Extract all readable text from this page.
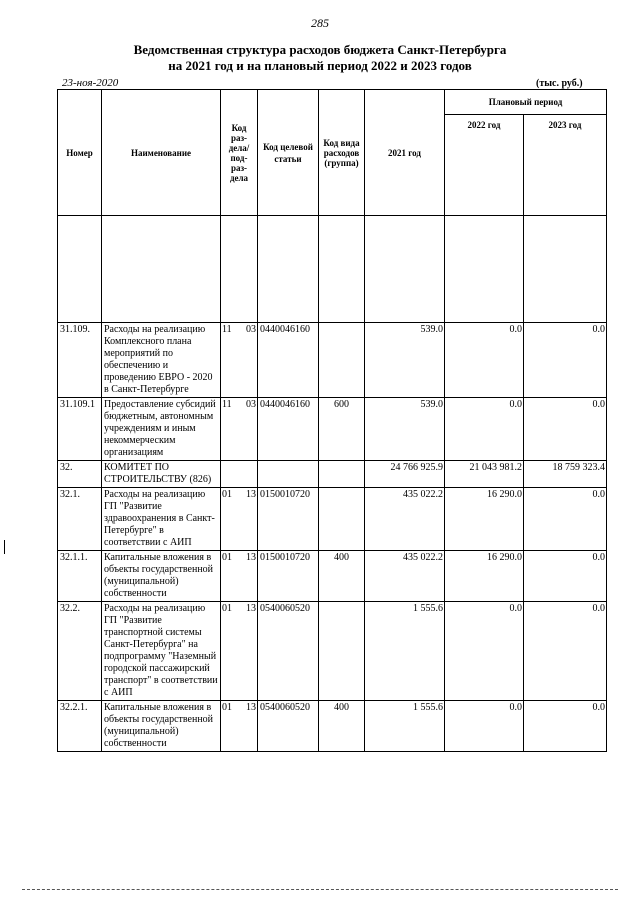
285
Ведомственная структура расходов бюджета Санкт-Петербурга
на 2021 год и на плановый период 2022 и 2023 годов
23-ноя-2020	(тыс. руб.)
Номер	Наименование	Код раз-дела/ под-раз-дела	Код целевой статьи	Код вида расходов (группа)	2021 год	Плановый период	
						2022 год	2023 год

31.109.	Расходы на реализацию Комплексного плана мероприятий по обеспечению и проведению ЕВРО - 2020 в Санкт-Петербурге	11 03	0440046160		539.0	0.0	0.0
31.109.1	Предоставление субсидий бюджетным, автономным учреждениям и иным некоммерческим организациям	11 03	0440046160	600	539.0	0.0	0.0
32.	КОМИТЕТ ПО СТРОИТЕЛЬСТВУ (826)				24 766 925.9	21 043 981.2	18 759 323.4
32.1.	Расходы на реализацию ГП "Развитие здравоохранения в Санкт-Петербурге" в соответствии с АИП	01 13	0150010720		435 022.2	16 290.0	0.0
32.1.1.	Капитальные вложения в объекты государственной (муниципальной) собственности	01 13	0150010720	400	435 022.2	16 290.0	0.0
32.2.	Расходы на реализацию ГП "Развитие транспортной системы Санкт-Петербурга" на подпрограмму "Наземный городской пассажирский транспорт" в соответствии с АИП	01 13	0540060520		1 555.6	0.0	0.0
32.2.1.	Капитальные вложения в объекты государственной (муниципальной) собственности	01 13	0540060520	400	1 555.6	0.0	0.0
